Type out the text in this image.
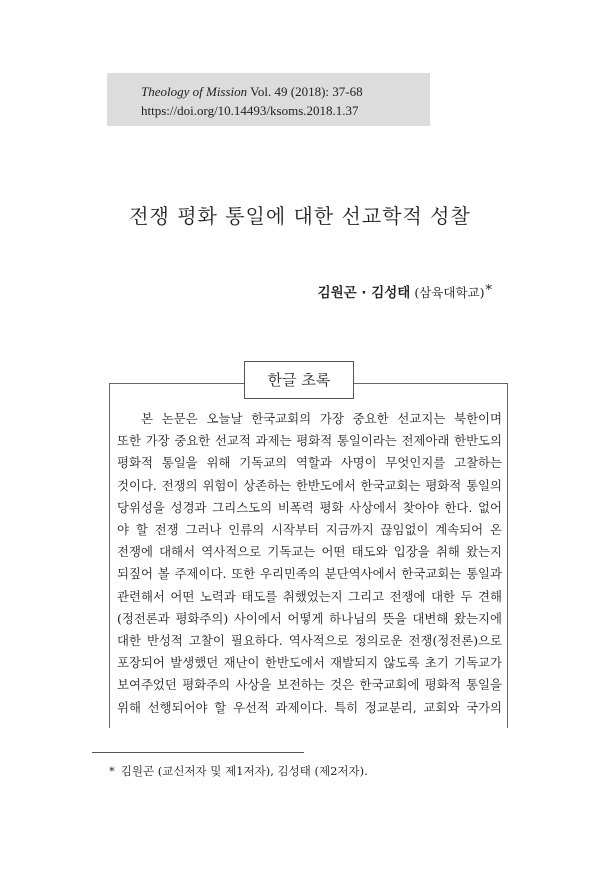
Theology of Mission Vol. 49 (2018): 37-68
https://doi.org/10.14493/ksoms.2018.1.37
전쟁 평화 통일에 대한 선교학적 성찰
김원곤 · 김성태 (삼육대학교)*
한글 초록
본 논문은 오늘날 한국교회의 가장 중요한 선교지는 북한이며
또한 가장 중요한 선교적 과제는 평화적 통일이라는 전제아래 한반도의
평화적 통일을 위해 기독교의 역할과 사명이 무엇인지를 고찰하는
것이다. 전쟁의 위험이 상존하는 한반도에서 한국교회는 평화적 통일의
당위성을 성경과 그리스도의 비폭력 평화 사상에서 찾아야 한다. 없어
야 할 전쟁 그러나 인류의 시작부터 지금까지 끊임없이 계속되어 온
전쟁에 대해서 역사적으로 기독교는 어떤 태도와 입장을 취해 왔는지
되짚어 볼 주제이다. 또한 우리민족의 분단역사에서 한국교회는 통일과
관련해서 어떤 노력과 태도를 취했었는지 그리고 전쟁에 대한 두 견해
(정전론과 평화주의) 사이에서 어떻게 하나님의 뜻을 대변해 왔는지에
대한 반성적 고찰이 필요하다. 역사적으로 정의로운 전쟁(정전론)으로
포장되어 발생했던 재난이 한반도에서 재발되지 않도록 초기 기독교가
보여주었던 평화주의 사상을 보전하는 것은 한국교회에 평화적 통일을
위해 선행되어야 할 우선적 과제이다. 특히 정교분리, 교회와 국가의
* 김원곤 (교신저자 및 제1저자), 김성태 (제2저자).
